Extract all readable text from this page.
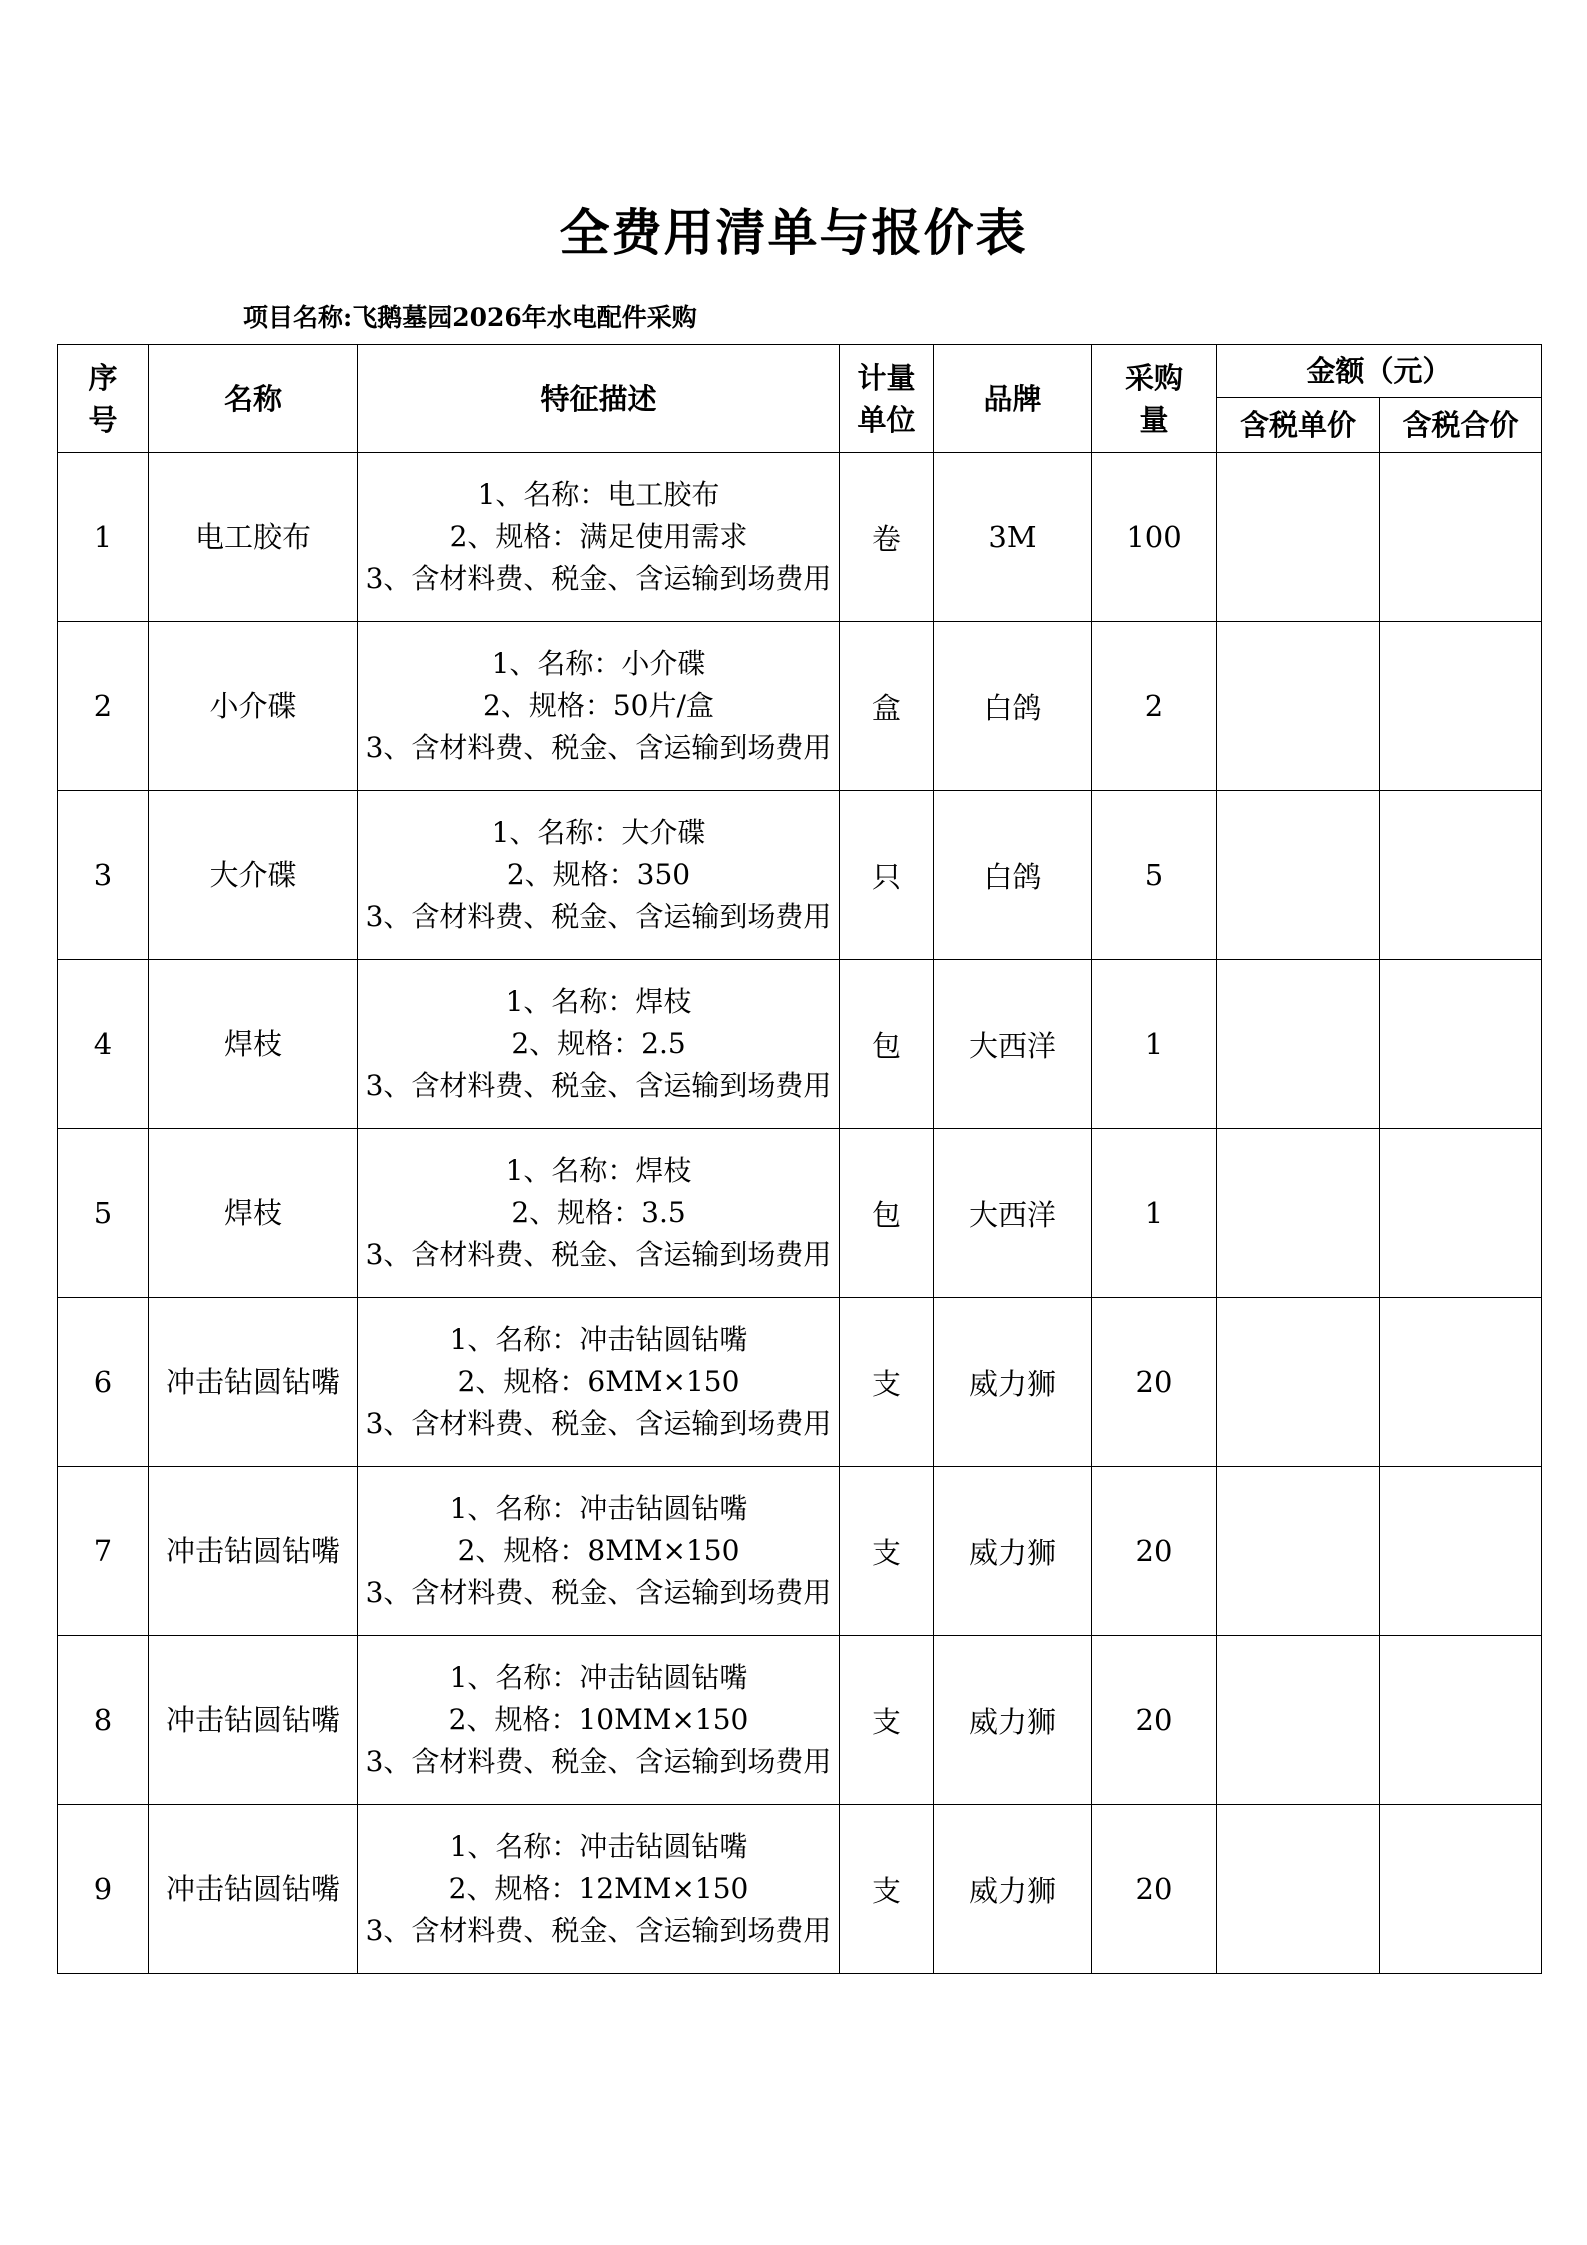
全费用清单与报价表
项目名称:飞鹅墓园2026年水电配件采购
序号	名称	特征描述	计量单位	品牌	采购量	金额（元）	
						含税单价	含税合价
1	电工胶布	1、名称：电工胶布
2、规格：满足使用需求
3、含材料费、税金、含运输到场费用	卷	3M	100		
2	小介碟	1、名称：小介碟
2、规格：50片/盒
3、含材料费、税金、含运输到场费用	盒	白鸽	2		
3	大介碟	1、名称：大介碟
2、规格：350
3、含材料费、税金、含运输到场费用	只	白鸽	5		
4	焊枝	1、名称：焊枝
2、规格：2.5
3、含材料费、税金、含运输到场费用	包	大西洋	1		
5	焊枝	1、名称：焊枝
2、规格：3.5
3、含材料费、税金、含运输到场费用	包	大西洋	1		
6	冲击钻圆钻嘴	1、名称：冲击钻圆钻嘴
2、规格：6MM×150
3、含材料费、税金、含运输到场费用	支	威力狮	20		
7	冲击钻圆钻嘴	1、名称：冲击钻圆钻嘴
2、规格：8MM×150
3、含材料费、税金、含运输到场费用	支	威力狮	20		
8	冲击钻圆钻嘴	1、名称：冲击钻圆钻嘴
2、规格：10MM×150
3、含材料费、税金、含运输到场费用	支	威力狮	20		
9	冲击钻圆钻嘴	1、名称：冲击钻圆钻嘴
2、规格：12MM×150
3、含材料费、税金、含运输到场费用	支	威力狮	20		
